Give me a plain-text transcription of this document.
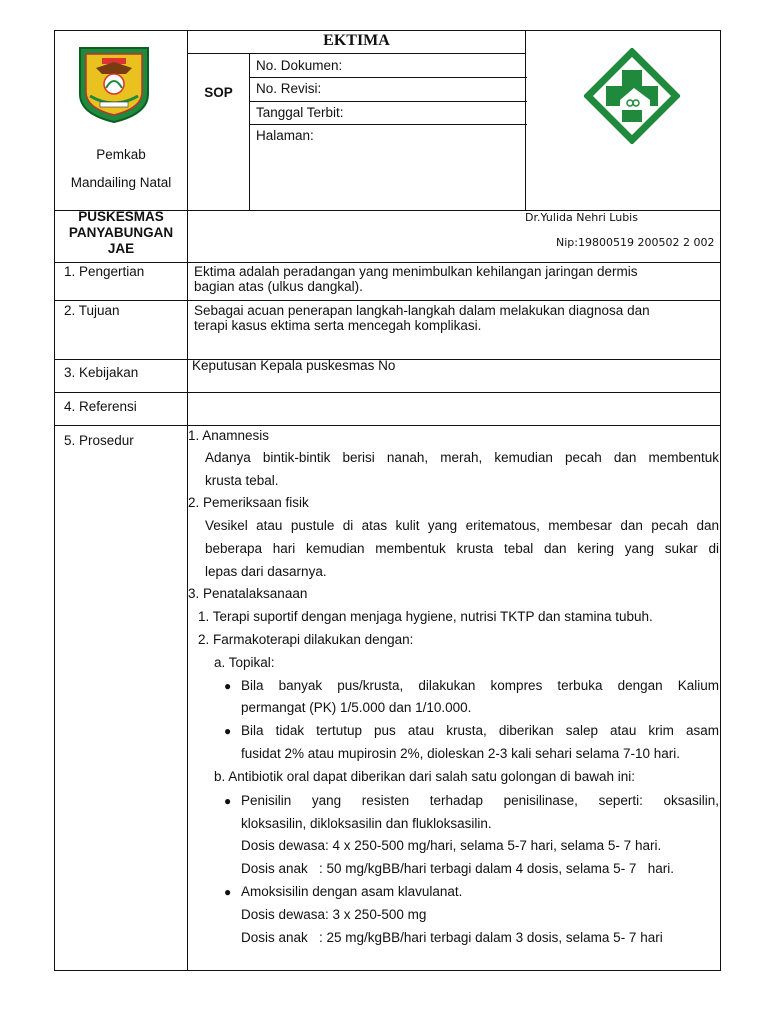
Pemkab
Mandailing Natal
EKTIMA
SOP
No. Dokumen:
No. Revisi:
Tanggal Terbit:
Halaman:
PUSKESMAS
PANYABUNGAN
JAE
Dr.Yulida Nehri Lubis
Nip:19800519 200502 2 002
1. Pengertian	Ektima adalah peradangan yang menimbulkan kehilangan jaringan dermis
bagian atas (ulkus dangkal).
2. Tujuan	Sebagai acuan penerapan langkah-langkah dalam melakukan diagnosa dan
terapi kasus ektima serta mencegah komplikasi.
3. Kebijakan	Keputusan Kepala puskesmas No
4. Referensi
5. Prosedur	1. Anamnesis
Adanya bintik-bintik berisi nanah, merah, kemudian pecah dan membentuk
krusta tebal.
2. Pemeriksaan fisik
Vesikel atau pustule di atas kulit yang eritematous, membesar dan pecah dan
beberapa hari kemudian membentuk krusta tebal dan kering yang sukar di
lepas dari dasarnya.
3. Penatalaksanaan
1. Terapi suportif dengan menjaga hygiene, nutrisi TKTP dan stamina tubuh.
2. Farmakoterapi dilakukan dengan:
a. Topikal:
● Bila banyak pus/krusta, dilakukan kompres terbuka dengan Kalium
permangat (PK) 1/5.000 dan 1/10.000.
● Bila tidak tertutup pus atau krusta, diberikan salep atau krim asam
fusidat 2% atau mupirosin 2%, dioleskan 2-3 kali sehari selama 7-10 hari.
b. Antibiotik oral dapat diberikan dari salah satu golongan di bawah ini:
● Penisilin yang resisten terhadap penisilinase, seperti: oksasilin,
kloksasilin, dikloksasilin dan flukloksasilin.
Dosis dewasa: 4 x 250-500 mg/hari, selama 5-7 hari, selama 5- 7 hari.
Dosis anak   : 50 mg/kgBB/hari terbagi dalam 4 dosis, selama 5- 7   hari.
● Amoksisilin dengan asam klavulanat.
Dosis dewasa: 3 x 250-500 mg
Dosis anak   : 25 mg/kgBB/hari terbagi dalam 3 dosis, selama 5- 7 hari
